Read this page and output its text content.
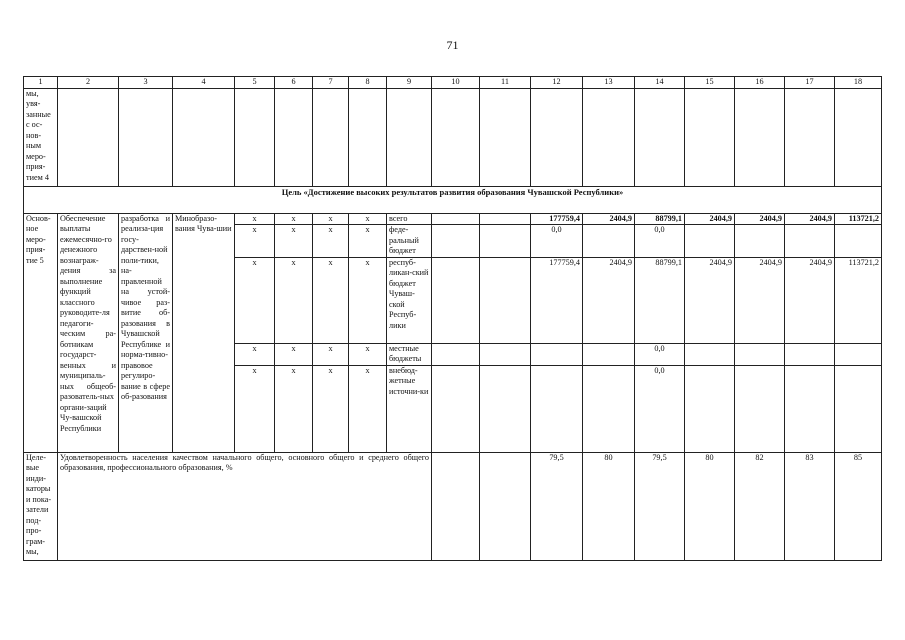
71
1	2	3	4	5	6	7	8	9	10	11	12	13	14	15	16	17	18
мы, увя-занные с ос-нов-ным меро-прия-тием 4																	
Цель «Достижение высоких результатов развития образования Чувашской Республики»																	
Основ-ное меро-прия-тие 5	Обеспечение выплаты ежемесячно-го денежного вознаграж-дения за выполнение функций классного руководите-ля педагоги-ческим ра-ботникам государст-венных и муниципаль-ных общеоб-разователь-ных органи-заций Чу-вашской Республики	разработка и реализа-ция госу-дарствен-ной поли-тики, на-правленной на устой-чивое раз-витие об-разования в Чувашской Республике и норма-тивно-правовое регулиро-вание в сфере об-разования	Минобразо-вания Чува-шии	х	х	х	х	всего			177759,4	2404,9	88799,1	2404,9	2404,9	2404,9	113721,2
				х	х	х	х	феде-ральный бюджет			0,0		0,0				
				х	х	х	х	респуб-ликан-ский бюджет Чуваш-ской Респуб-лики			177759,4	2404,9	88799,1	2404,9	2404,9	2404,9	113721,2
				х	х	х	х	местные бюджеты					0,0				
				х	х	х	х	внебюд-жетные источни-ки					0,0				
Целе-вые инди-каторы и пока-затели под-про-грам-мы,	Удовлетворенность населения качеством начального общего, основного общего и среднего общего образования, профессионального образования, %										79,5	80	79,5	80	82	83	85
